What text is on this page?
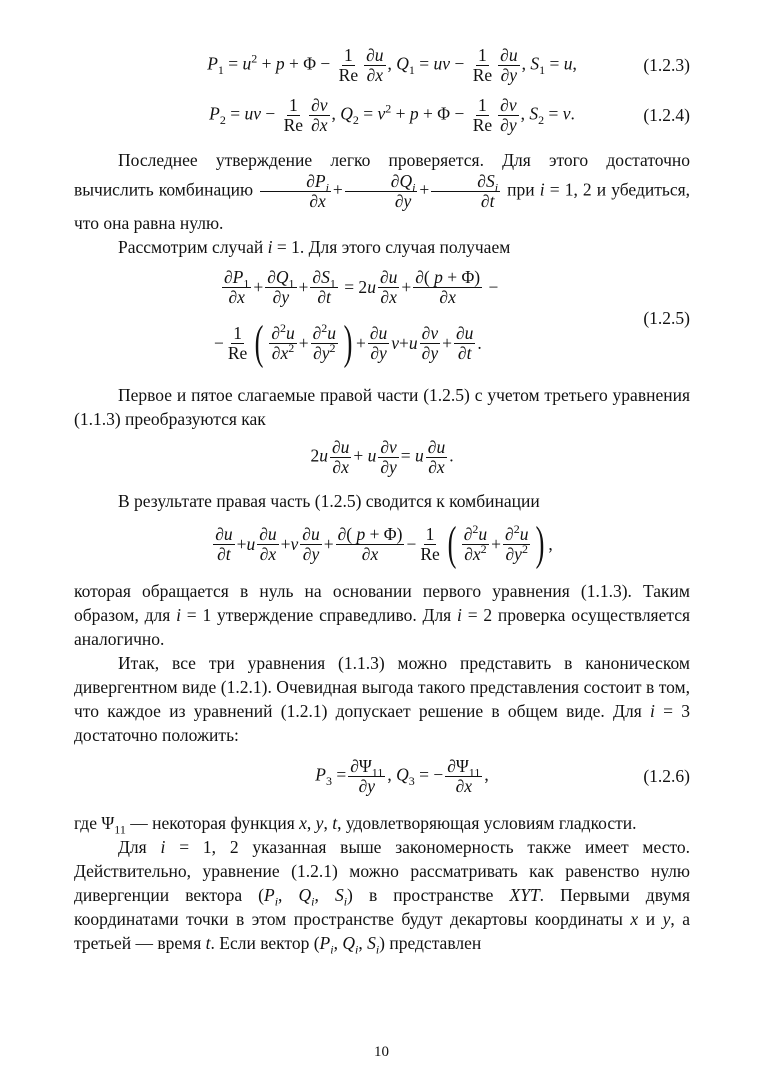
$P_1 = u^2 + p + \Phi - \frac{1}{Re} \frac{\partial u}{\partial x}$ , $Q_1$ = uv − $\frac{1}{Re} \frac{\partial u}{\partial y}$ , $S_1 = u$,	(1.2.3)
$P_2$ = uv − $\frac{1}{Re} \frac{\partial v}{\partial x}$ , $Q_2 = v^2 + p + \Phi - \frac{1}{Re} \frac{\partial v}{\partial y}$ , $S_2 = v$.	(1.2.4)

Последнее утверждение легко проверяется. Для этого достаточно вычислить комбинацию $\frac{\partial P_i}{\partial x} + \frac{\partial Q_i}{\partial y} + \frac{\partial S_i}{\partial t}$ при i = 1, 2 и убедиться, что она равна нулю.

Рассмотрим случай i = 1. Для этого случая получаем

$\frac{\partial P_1}{\partial x} + \frac{\partial Q_1}{\partial y} + \frac{\partial S_1}{\partial t} = 2$ u $\frac{\partial u}{\partial x} + \frac{\partial( p + \Phi)}{\partial x}$ −
− $\frac{1}{Re}$ ( $\frac{\partial^2u}{\partial x^2} + \frac{\partial^2u}{\partial y^2}$ ) + $\frac{\partial u}{\partial y}$ v + u $\frac{\partial v}{\partial y} + \frac{\partial u}{\partial t}$ .
(1.2.5)

Первое и пятое слагаемые правой части (1.2.5) с учетом третьего уравнения (1.1.3) преобразуются как

$2u \frac{\partial u}{\partial x} + u \frac{\partial v}{\partial y} = u \frac{\partial u}{\partial x}$ .

В результате правая часть (1.2.5) сводится к комбинации

$\frac{\partial u}{\partial t} + u \frac{\partial u}{\partial x} + v \frac{\partial u}{\partial y} + \frac{\partial( p + \Phi)}{\partial x} - \frac{1}{Re}$ ( $\frac{\partial^2u}{\partial x^2} + \frac{\partial^2u}{\partial y^2}$ ) ,

которая обращается в нуль на основании первого уравнения (1.1.3). Таким образом, для i = 1 утверждение справедливо. Для i = 2 проверка осуществляется аналогично.

Итак, все три уравнения (1.1.3) можно представить в каноническом дивергентном виде (1.2.1). Очевидная выгода такого представления состоит в том, что каждое из уравнений (1.2.1) допускает решение в общем виде. Для i = 3 достаточно положить:

$P_3 = \frac{\partial\Psi_{11}}{\partial y}$ , $Q_3$ = − $\frac{\partial\Psi_{11}}{\partial x}$ ,	(1.2.6)

где $\Psi_{11}$ — некоторая функция x, y, t, удовлетворяющая условиям гладкости.

Для i = 1, 2 указанная выше закономерность также имеет место. Действительно, уравнение (1.2.1) можно рассматривать как равенство нулю дивергенции вектора ($P_i$, $Q_i$, $S_i$) в пространстве XYT. Первыми двумя координатами точки в этом пространстве будут декартовы координаты x и y, а третьей — время t. Если вектор ($P_i$, $Q_i$, $S_i$) представлен

10
